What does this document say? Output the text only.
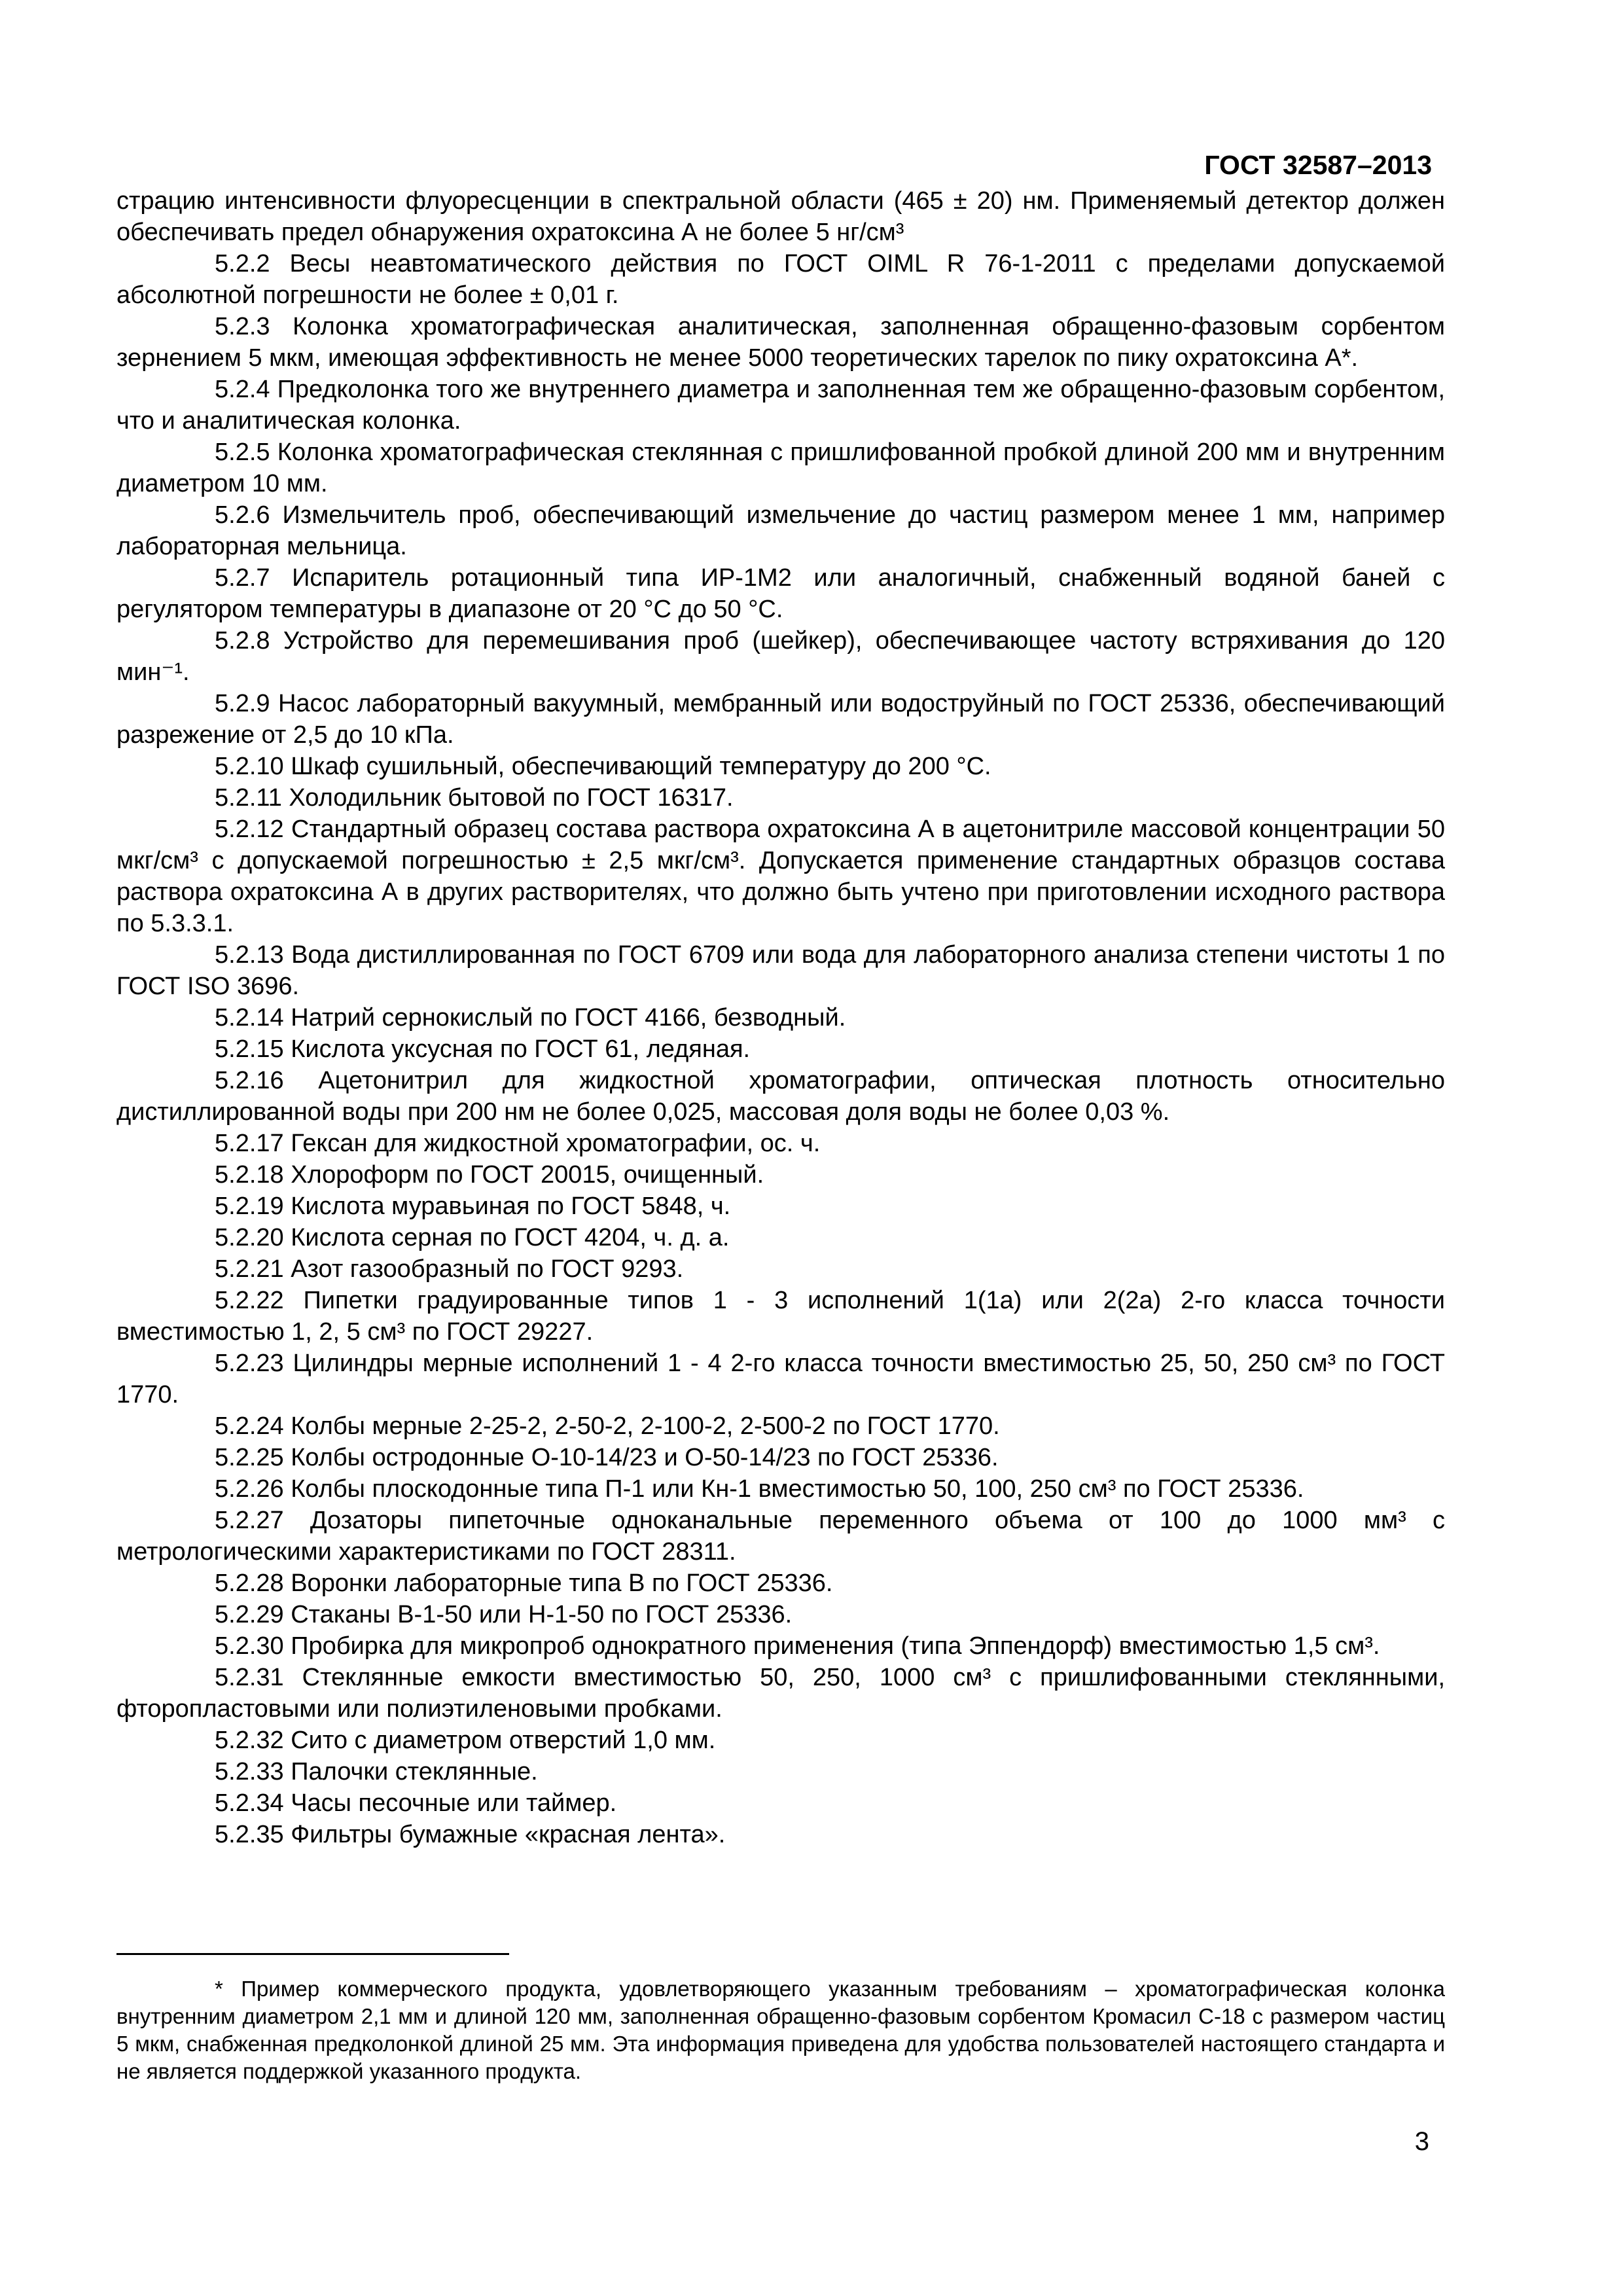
ГОСТ 32587–2013

страцию интенсивности флуоресценции в спектральной области (465 ± 20) нм. Применяемый детектор должен обеспечивать предел обнаружения охратоксина А не более 5 нг/см³

5.2.2 Весы неавтоматического действия по ГОСТ OIML R 76-1-2011 с пределами допускаемой абсолютной погрешности не более ± 0,01 г.

5.2.3 Колонка хроматографическая аналитическая, заполненная обращенно-фазовым сорбентом зернением 5 мкм, имеющая эффективность не менее 5000 теоретических тарелок по пику охратоксина А*.

5.2.4 Предколонка того же внутреннего диаметра и заполненная тем же обращенно-фазовым сорбентом, что и аналитическая колонка.

5.2.5 Колонка хроматографическая стеклянная с пришлифованной пробкой длиной 200 мм и внутренним диаметром 10 мм.

5.2.6 Измельчитель проб, обеспечивающий измельчение до частиц размером менее 1 мм, например лабораторная мельница.

5.2.7 Испаритель ротационный типа ИР-1М2 или аналогичный, снабженный водяной баней с регулятором температуры в диапазоне от 20 °С до 50 °С.

5.2.8 Устройство для перемешивания проб (шейкер), обеспечивающее частоту встряхивания до 120 мин⁻¹.

5.2.9 Насос лабораторный вакуумный, мембранный или водоструйный по ГОСТ 25336, обеспечивающий разрежение от 2,5 до 10 кПа.

5.2.10 Шкаф сушильный, обеспечивающий температуру до 200 °С.

5.2.11 Холодильник бытовой по ГОСТ 16317.

5.2.12 Стандартный образец состава раствора охратоксина А в ацетонитриле массовой концентрации 50 мкг/см³ с допускаемой погрешностью ± 2,5 мкг/см³. Допускается применение стандартных образцов состава раствора охратоксина А в других растворителях, что должно быть учтено при приготовлении исходного раствора по 5.3.3.1.

5.2.13 Вода дистиллированная по ГОСТ 6709 или вода для лабораторного анализа степени чистоты 1 по ГОСТ ISO 3696.

5.2.14 Натрий сернокислый по ГОСТ 4166, безводный.

5.2.15 Кислота уксусная по ГОСТ 61, ледяная.

5.2.16 Ацетонитрил для жидкостной хроматографии, оптическая плотность относительно дистиллированной воды при 200 нм не более 0,025, массовая доля воды не более 0,03 %.

5.2.17 Гексан для жидкостной хроматографии, ос. ч.

5.2.18 Хлороформ по ГОСТ 20015, очищенный.

5.2.19 Кислота муравьиная по ГОСТ 5848, ч.

5.2.20 Кислота серная по ГОСТ 4204, ч. д. а.

5.2.21 Азот газообразный по ГОСТ 9293.

5.2.22 Пипетки градуированные типов 1 - 3 исполнений 1(1а) или 2(2а) 2-го класса точности вместимостью 1, 2, 5 см³ по ГОСТ 29227.

5.2.23 Цилиндры мерные исполнений 1 - 4 2-го класса точности вместимостью 25, 50, 250 см³ по ГОСТ 1770.

5.2.24 Колбы мерные 2-25-2, 2-50-2, 2-100-2, 2-500-2 по ГОСТ 1770.

5.2.25 Колбы остродонные О-10-14/23 и О-50-14/23 по ГОСТ 25336.

5.2.26 Колбы плоскодонные типа П-1 или Кн-1 вместимостью 50, 100, 250 см³ по ГОСТ 25336.

5.2.27 Дозаторы пипеточные одноканальные переменного объема от 100 до 1000 мм³ с метрологическими характеристиками по ГОСТ 28311.

5.2.28 Воронки лабораторные типа В по ГОСТ 25336.

5.2.29 Стаканы В-1-50 или Н-1-50 по ГОСТ 25336.

5.2.30 Пробирка для микропроб однократного применения (типа Эппендорф) вместимостью 1,5 см³.

5.2.31 Стеклянные емкости вместимостью 50, 250, 1000 см³ с пришлифованными стеклянными, фторопластовыми или полиэтиленовыми пробками.

5.2.32 Сито с диаметром отверстий 1,0 мм.

5.2.33 Палочки стеклянные.

5.2.34 Часы песочные или таймер.

5.2.35 Фильтры бумажные «красная лента».

* Пример коммерческого продукта, удовлетворяющего указанным требованиям – хроматографическая колонка внутренним диаметром 2,1 мм и длиной 120 мм, заполненная обращенно-фазовым сорбентом Кромасил С-18 с размером частиц 5 мкм, снабженная предколонкой длиной 25 мм. Эта информация приведена для удобства пользователей настоящего стандарта и не является поддержкой указанного продукта.
3
